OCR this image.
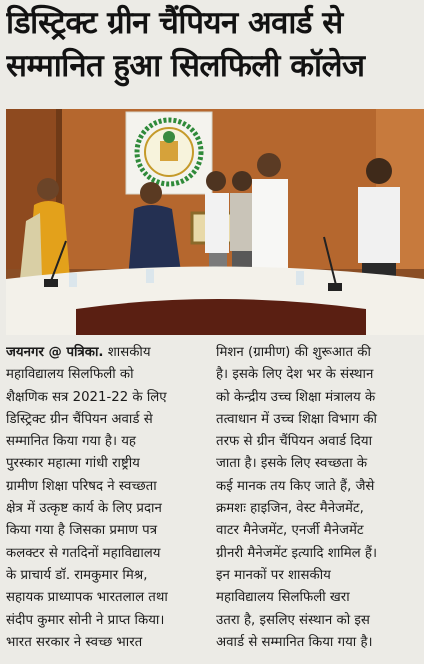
डिस्ट्रिक्ट ग्रीन चैंपियन अवार्ड से
सम्मानित हुआ सिलफिली कॉलेज
जयनगर @ पत्रिका. शासकीय
महाविद्यालय सिलफिली को
शैक्षणिक सत्र 2021-22 के लिए
डिस्ट्रिक्ट ग्रीन चैंपियन अवार्ड से
सम्मानित किया गया है। यह
पुरस्कार महात्मा गांधी राष्ट्रीय
ग्रामीण शिक्षा परिषद ने स्वच्छता
क्षेत्र में उत्कृष्ट कार्य के लिए प्रदान
किया गया है जिसका प्रमाण पत्र
कलक्टर से गतदिनों महाविद्यालय
के प्राचार्य डॉ. रामकुमार मिश्र,
सहायक प्राध्यापक भारतलाल तथा
संदीप कुमार सोनी ने प्राप्त किया।
भारत सरकार ने स्वच्छ भारत
मिशन (ग्रामीण) की शुरूआत की
है। इसके लिए देश भर के संस्थान
को केन्द्रीय उच्च शिक्षा मंत्रालय के
तत्वाधान में उच्च शिक्षा विभाग की
तरफ से ग्रीन चैंपियन अवार्ड दिया
जाता है। इसके लिए स्वच्छता के
कई मानक तय किए जाते हैं, जैसे
क्रमशः हाइजिन, वेस्ट मैनेजमेंट,
वाटर मैनेजमेंट, एनर्जी मैनेजमेंट
ग्रीनरी मैनेजमेंट इत्यादि शामिल हैं।
इन मानकों पर शासकीय
महाविद्यालय सिलफिली खरा
उतरा है, इसलिए संस्थान को इस
अवार्ड से सम्मानित किया गया है।
